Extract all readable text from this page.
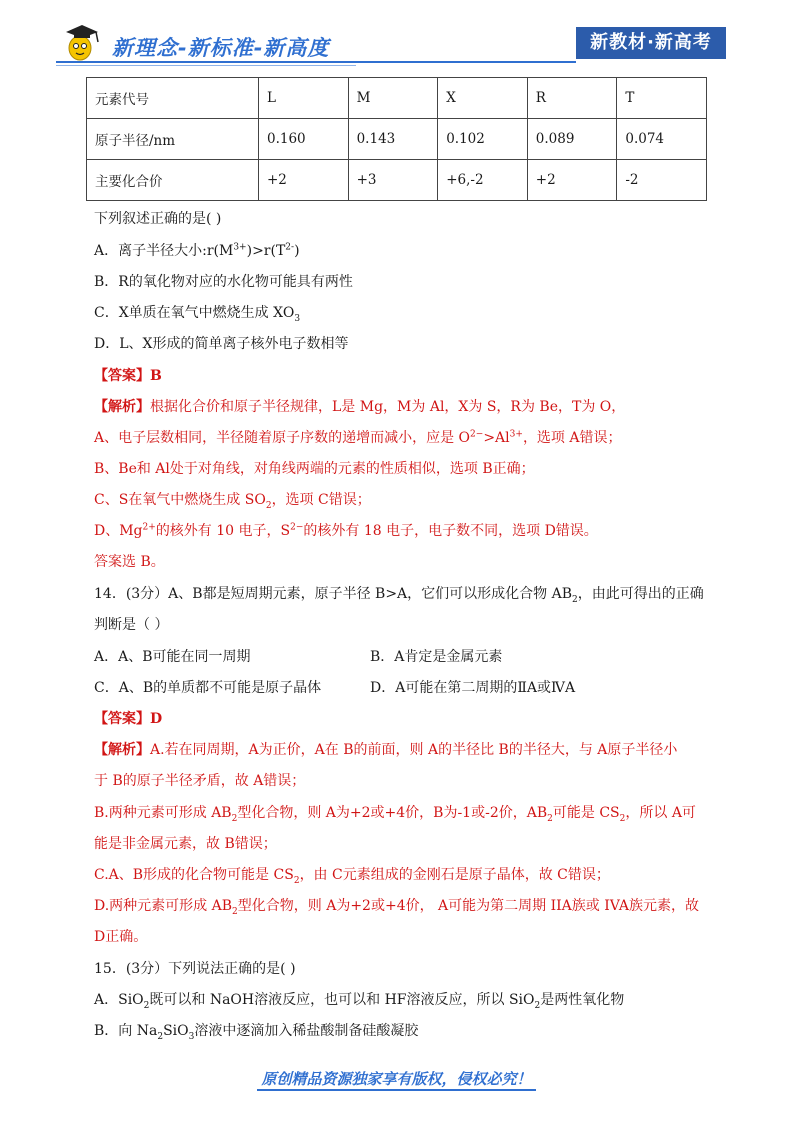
新理念-新标准-新高度	新教材·新高考
元素代号	L	M	X	R	T
原子半径/nm	0.160	0.143	0.102	0.089	0.074
主要化合价	+2	+3	+6,-2	+2	-2
下列叙述正确的是( )
A．离子半径大小$:r(M^{3+})>r(T^{2-})$
B．R的氧化物对应的水化物可能具有两性
C．X单质在氧气中燃烧生成 $XO_3$
D．L、X形成的简单离子核外电子数相等
【答案】B
【解析】根据化合价和原子半径规律，L是 Mg，M为 Al，X为 S，R为 Be，T为 O，
A、电子层数相同，半径随着原子序数的递增而减小，应是 $O^{2-}>Al^{3+}$，选项 A错误；
B、Be和 Al处于对角线，对角线两端的元素的性质相似，选项 B正确；
C、S在氧气中燃烧生成 $SO_2$，选项 C错误；
D、$Mg^{2+}$的核外有 10 电子，$S^{2-}$的核外有 18 电子，电子数不同，选项 D错误。
答案选 B。
14．(3分）A、B都是短周期元素，原子半径 B>A，它们可以形成化合物 $AB_2$，由此可得出的正确
判断是（ ）
A．A、B可能在同一周期	B．A肯定是金属元素
C．A、B的单质都不可能是原子晶体	D．A可能在第二周期的ⅡA或ⅣA
【答案】D
【解析】A.若在同周期，A为正价，A在 B的前面，则 A的半径比 B的半径大，与 A原子半径小
于 B的原子半径矛盾，故 A错误；
B.两种元素可形成 $AB_2$型化合物，则 A为+2或+4价，B为-1或-2价，$AB_2$可能是 $CS_2$，所以 A可
能是非金属元素，故 B错误；
C.A、B形成的化合物可能是 $CS_2$，由 C元素组成的金刚石是原子晶体，故 C错误；
D.两种元素可形成 $AB_2$型化合物，则 A为+2或+4价， A可能为第二周期 IIA族或 IVA族元素，故
D正确。
15．(3分）下列说法正确的是( )
A．SiO$_2$既可以和 NaOH溶液反应，也可以和 HF溶液反应，所以 SiO$_2$是两性氧化物
B．向 $Na_2SiO_3$溶液中逐滴加入稀盐酸制备硅酸凝胶
原创精品资源独家享有版权，侵权必究！
